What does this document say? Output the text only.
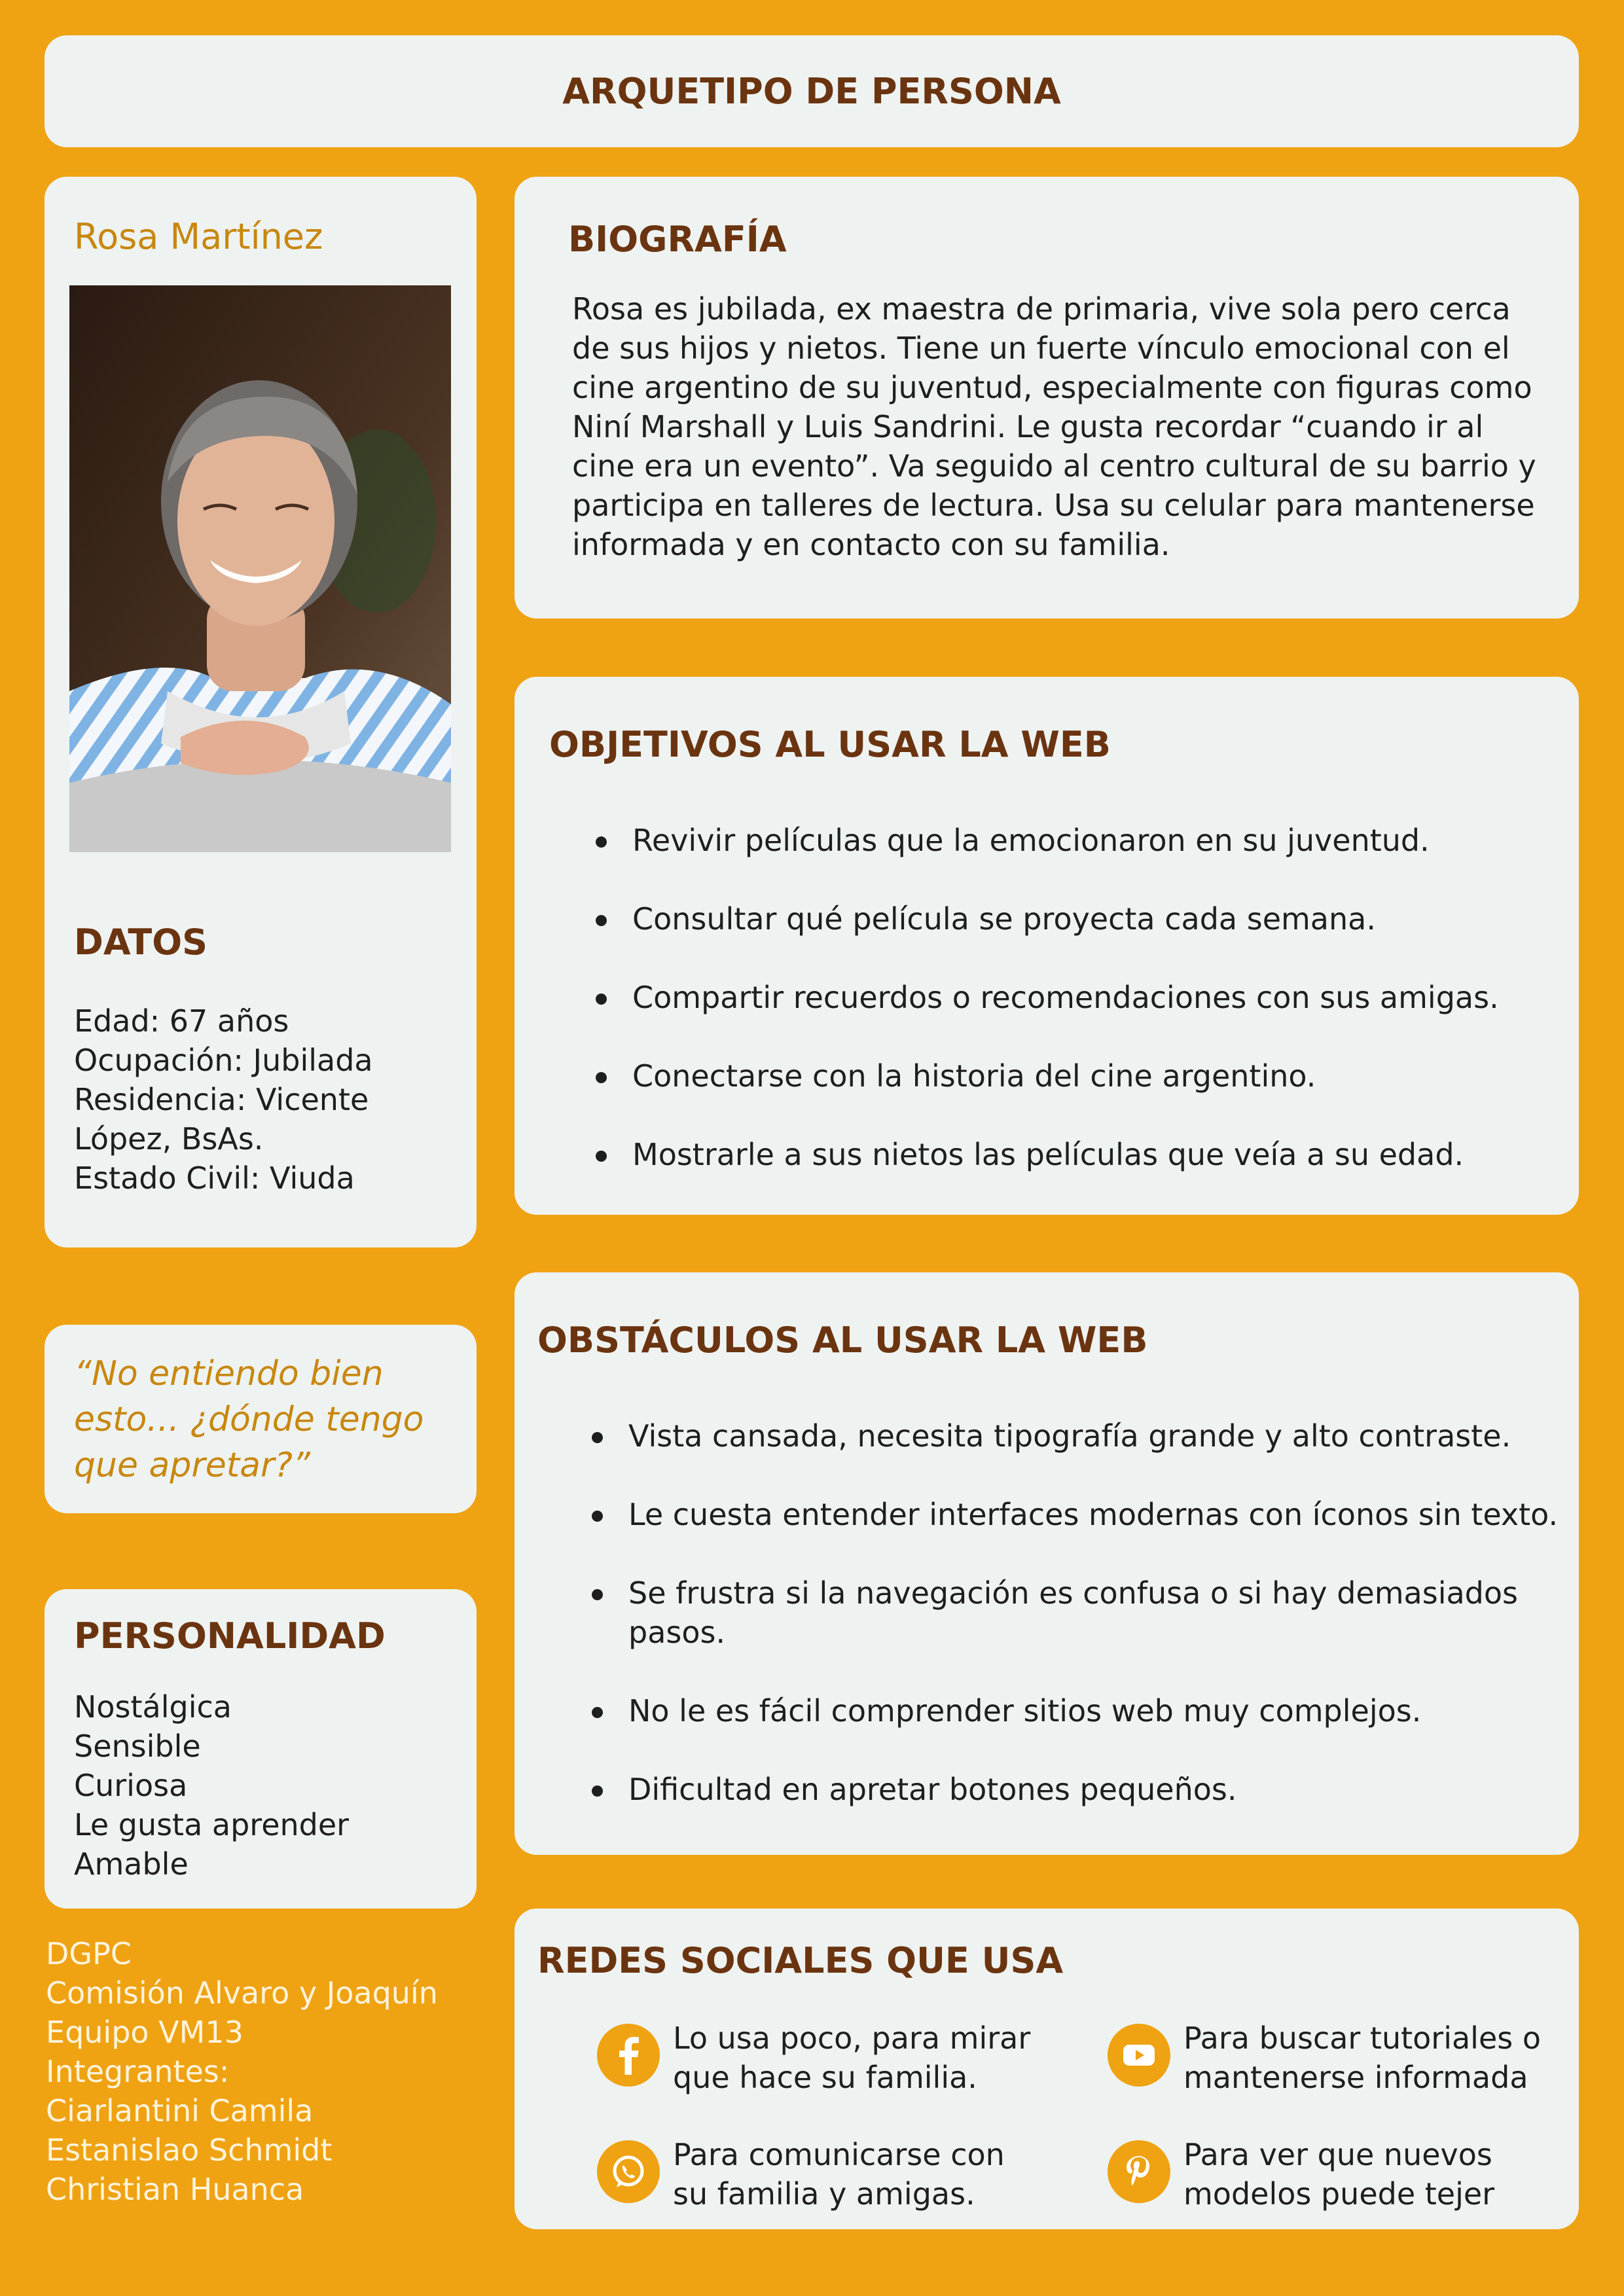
ARQUETIPO DE PERSONA
Rosa Martínez
DATOS
Edad: 67 años
Ocupación: Jubilada
Residencia: Vicente
López, BsAs.
Estado Civil: Viuda
“No entiendo bien esto... ¿dónde tengo que apretar?”
PERSONALIDAD
Nostálgica
Sensible
Curiosa
Le gusta aprender
Amable
DGPC
Comisión Alvaro y Joaquín
Equipo VM13
Integrantes:
Ciarlantini Camila
Estanislao Schmidt
Christian Huanca
BIOGRAFÍA
Rosa es jubilada, ex maestra de primaria, vive sola pero cerca de sus hijos y nietos. Tiene un fuerte vínculo emocional con el cine argentino de su juventud, especialmente con figuras como Niní Marshall y Luis Sandrini. Le gusta recordar “cuando ir al cine era un evento”. Va seguido al centro cultural de su barrio y participa en talleres de lectura. Usa su celular para mantenerse informada y en contacto con su familia.
OBJETIVOS AL USAR LA WEB
Revivir películas que la emocionaron en su juventud.
Consultar qué película se proyecta cada semana.
Compartir recuerdos o recomendaciones con sus amigas.
Conectarse con la historia del cine argentino.
Mostrarle a sus nietos las películas que veía a su edad.
OBSTÁCULOS AL USAR LA WEB
Vista cansada, necesita tipografía grande y alto contraste.
Le cuesta entender interfaces modernas con íconos sin texto.
Se frustra si la navegación es confusa o si hay demasiados pasos.
No le es fácil comprender sitios web muy complejos.
Dificultad en apretar botones pequeños.
REDES SOCIALES QUE USA
Lo usa poco, para mirar que hace su familia.
Para buscar tutoriales o mantenerse informada
Para comunicarse con su familia y amigas.
Para ver que nuevos modelos puede tejer
